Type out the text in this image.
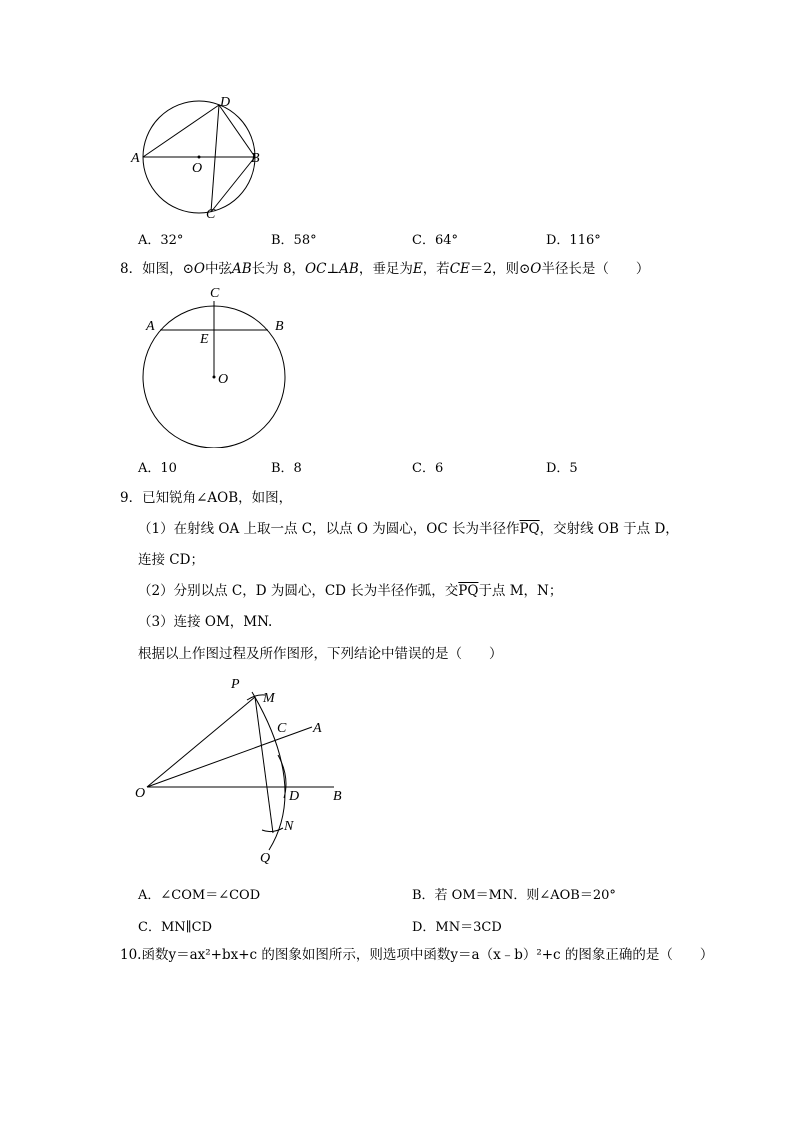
A	B
D
C
O
A．32°	B．58°	C．64°	D．116°
8．如图，⊙O中弦AB长为 8，OC⊥AB，垂足为E，若CE＝2，则⊙O半径长是（　　）
C
A	B
E
O
A．10	B．8	C．6	D．5
9．已知锐角∠AOB，如图，
（1）在射线 OA 上取一点 C，以点 O 为圆心，OC 长为半径作$\overline{PQ}$，交射线 OB 于点 D，
连接 CD；
（2）分别以点 C，D 为圆心，CD 长为半径作弧，交$\overline{PQ}$于点 M，N；
（3）连接 OM，MN.
根据以上作图过程及所作图形，下列结论中错误的是（　　）
P
M
C A
O	D B
N
Q
A．∠COM＝∠COD	B．若 OM＝MN．则∠AOB＝20°
C．MN∥CD	D．MN＝3CD
10.函数y＝ax²+bx+c 的图象如图所示，则选项中函数y＝a（x﹣b）²+c 的图象正确的是（　　）
